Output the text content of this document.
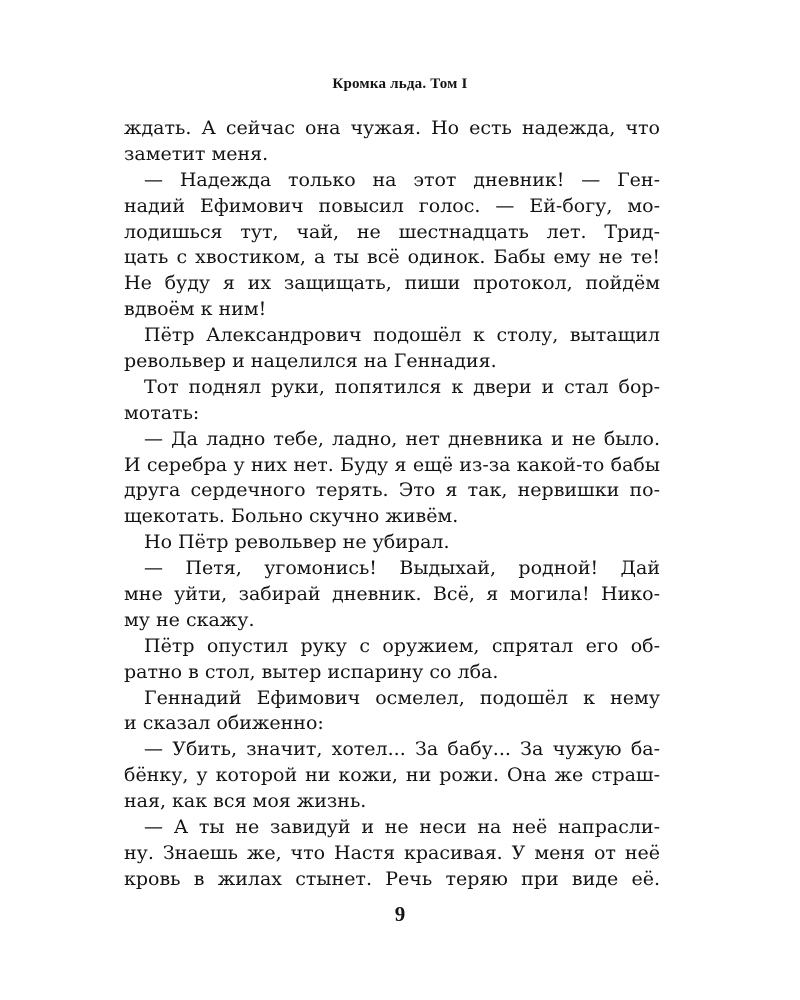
Кромка льда. Том I
ждать. А сейчас она чужая. Но есть надежда, что
заметит меня.
— Надежда только на этот дневник! — Ген-
надий Ефимович повысил голос. — Ей-богу, мо-
лодишься тут, чай, не шестнадцать лет. Трид-
цать с хвостиком, а ты всё одинок. Бабы ему не те!
Не буду я их защищать, пиши протокол, пойдём
вдвоём к ним!
Пётр Александрович подошёл к столу, вытащил
револьвер и нацелился на Геннадия.
Тот поднял руки, попятился к двери и стал бор-
мотать:
— Да ладно тебе, ладно, нет дневника и не было.
И серебра у них нет. Буду я ещё из-за какой-то бабы
друга сердечного терять. Это я так, нервишки по-
щекотать. Больно скучно живём.
Но Пётр револьвер не убирал.
— Петя, угомонись! Выдыхай, родной! Дай
мне уйти, забирай дневник. Всё, я могила! Нико-
му не скажу.
Пётр опустил руку с оружием, спрятал его об-
ратно в стол, вытер испарину со лба.
Геннадий Ефимович осмелел, подошёл к нему
и сказал обиженно:
— Убить, значит, хотел... За бабу... За чужую ба-
бёнку, у которой ни кожи, ни рожи. Она же страш-
ная, как вся моя жизнь.
— А ты не завидуй и не неси на неё напрасли-
ну. Знаешь же, что Настя красивая. У меня от неё
кровь в жилах стынет. Речь теряю при виде её.
9
